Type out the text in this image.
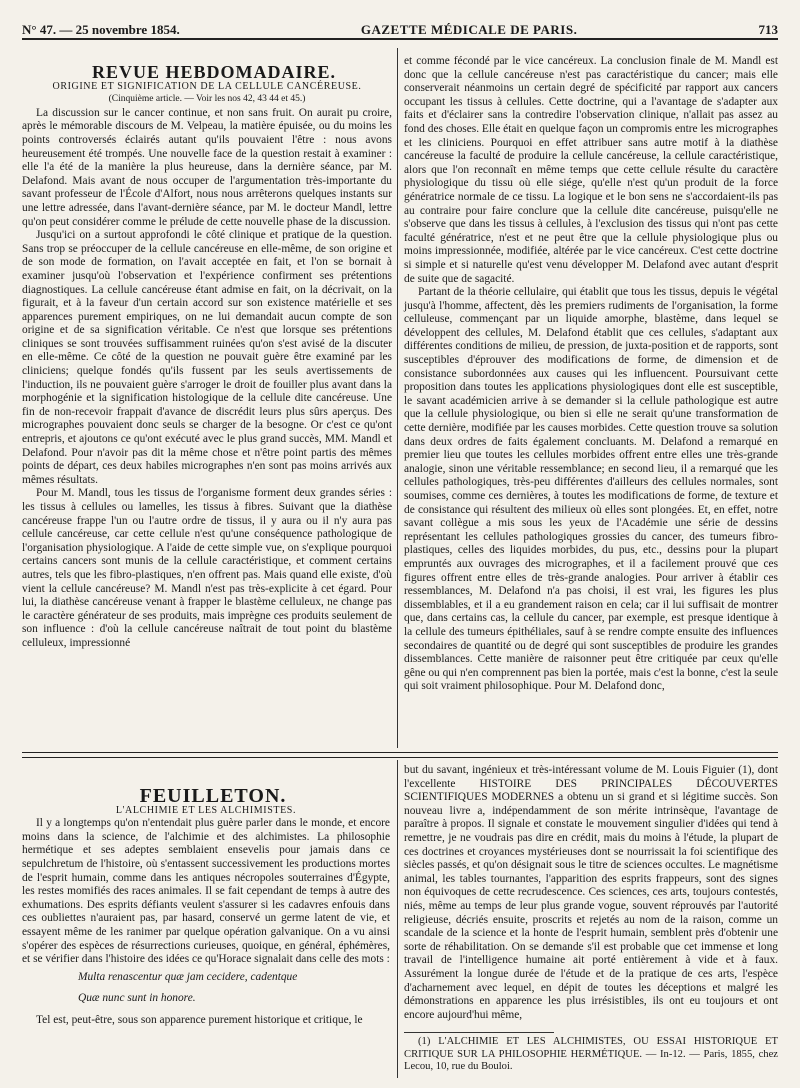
N° 47. — 25 novembre 1854.	GAZETTE MÉDICALE DE PARIS.	713

REVUE HEBDOMADAIRE.

ORIGINE ET SIGNIFICATION DE LA CELLULE CANCÉREUSE.

(Cinquième article. — Voir les nos 42, 43 44 et 45.)

La discussion sur le cancer continue, et non sans fruit. On aurait pu croire, après le mémorable discours de M. Velpeau, la matière épuisée, ou du moins les points controversés éclairés autant qu'ils pouvaient l'être : nous avons heureusement été trompés. Une nouvelle face de la question restait à examiner : elle l'a été de la manière la plus heureuse, dans la dernière séance, par M. Delafond. Mais avant de nous occuper de l'argumentation très-importante du savant professeur de l'École d'Alfort, nous nous arrêterons quelques instants sur une lettre adressée, dans l'avant-dernière séance, par M. le docteur Mandl, lettre qu'on peut considérer comme le prélude de cette nouvelle phase de la discussion.

Jusqu'ici on a surtout approfondi le côté clinique et pratique de la question. Sans trop se préoccuper de la cellule cancéreuse en elle-même, de son origine et de son mode de formation, on l'avait acceptée en fait, et l'on se bornait à examiner jusqu'où l'observation et l'expérience confirment ses prétentions diagnostiques. La cellule cancéreuse étant admise en fait, on la décrivait, on la figurait, et à la faveur d'un certain accord sur son existence matérielle et ses apparences purement empiriques, on ne lui demandait aucun compte de son origine et de sa signification véritable. Ce n'est que lorsque ses prétentions cliniques se sont trouvées suffisamment ruinées qu'on s'est avisé de la discuter en elle-même. Ce côté de la question ne pouvait guère être examiné par les cliniciens; quelque fondés qu'ils fussent par les seuls avertissements de l'induction, ils ne pouvaient guère s'arroger le droit de fouiller plus avant dans la morphogénie et la signification histologique de la cellule dite cancéreuse. Une fin de non-recevoir frappait d'avance de discrédit leurs plus sûrs aperçus. Des micrographes pouvaient donc seuls se charger de la besogne. Or c'est ce qu'ont entrepris, et ajoutons ce qu'ont exécuté avec le plus grand succès, MM. Mandl et Delafond. Pour n'avoir pas dit la même chose et n'être point partis des mêmes points de départ, ces deux habiles micrographes n'en sont pas moins arrivés aux mêmes résultats.

Pour M. Mandl, tous les tissus de l'organisme forment deux grandes séries : les tissus à cellules ou lamelles, les tissus à fibres. Suivant que la diathèse cancéreuse frappe l'un ou l'autre ordre de tissus, il y aura ou il n'y aura pas cellule cancéreuse, car cette cellule n'est qu'une conséquence pathologique de l'organisation physiologique. A l'aide de cette simple vue, on s'explique pourquoi certains cancers sont munis de la cellule caractéristique, et comment certains autres, tels que les fibro-plastiques, n'en offrent pas. Mais quand elle existe, d'où vient la cellule cancéreuse? M. Mandl n'est pas très-explicite à cet égard. Pour lui, la diathèse cancéreuse venant à frapper le blastème celluleux, ne change pas le caractère générateur de ses produits, mais imprègne ces produits seulement de son influence : d'où la cellule cancéreuse naîtrait de tout point du blastème celluleux, impressionné

et comme fécondé par le vice cancéreux. La conclusion finale de M. Mandl est donc que la cellule cancéreuse n'est pas caractéristique du cancer; mais elle conserverait néanmoins un certain degré de spécificité par rapport aux cancers occupant les tissus à cellules. Cette doctrine, qui a l'avantage de s'adapter aux faits et d'éclairer sans la contredire l'observation clinique, n'allait pas assez au fond des choses. Elle était en quelque façon un compromis entre les micrographes et les cliniciens. Pourquoi en effet attribuer sans autre motif à la diathèse cancéreuse la faculté de produire la cellule cancéreuse, la cellule caractéristique, alors que l'on reconnaît en même temps que cette cellule résulte du caractère physiologique du tissu où elle siége, qu'elle n'est qu'un produit de la force génératrice normale de ce tissu. La logique et le bon sens ne s'accordaient-ils pas au contraire pour faire conclure que la cellule dite cancéreuse, puisqu'elle ne s'observe que dans les tissus à cellules, à l'exclusion des tissus qui n'ont pas cette faculté génératrice, n'est et ne peut être que la cellule physiologique plus ou moins impressionnée, modifiée, altérée par le vice cancéreux. C'est cette doctrine si simple et si naturelle qu'est venu développer M. Delafond avec autant d'esprit de suite que de sagacité.

Partant de la théorie cellulaire, qui établit que tous les tissus, depuis le végétal jusqu'à l'homme, affectent, dès les premiers rudiments de l'organisation, la forme celluleuse, commençant par un liquide amorphe, blastème, dans lequel se développent des cellules, M. Delafond établit que ces cellules, s'adaptant aux différentes conditions de milieu, de pression, de juxta-position et de rapports, sont susceptibles d'éprouver des modifications de forme, de dimension et de consistance subordonnées aux causes qui les influencent. Poursuivant cette proposition dans toutes les applications physiologiques dont elle est susceptible, le savant académicien arrive à se demander si la cellule pathologique est autre que la cellule physiologique, ou bien si elle ne serait qu'une transformation de cette dernière, modifiée par les causes morbides. Cette question trouve sa solution dans deux ordres de faits également concluants. M. Delafond a remarqué en premier lieu que toutes les cellules morbides offrent entre elles une très-grande analogie, sinon une véritable ressemblance; en second lieu, il a remarqué que les cellules pathologiques, très-peu différentes d'ailleurs des cellules normales, sont soumises, comme ces dernières, à toutes les modifications de forme, de texture et de consistance qui résultent des milieux où elles sont plongées. Et, en effet, notre savant collègue a mis sous les yeux de l'Académie une série de dessins représentant les cellules pathologiques grossies du cancer, des tumeurs fibro-plastiques, celles des liquides morbides, du pus, etc., dessins pour la plupart empruntés aux ouvrages des micrographes, et il a facilement prouvé que ces figures offrent entre elles de très-grande analogies. Pour arriver à établir ces ressemblances, M. Delafond n'a pas choisi, il est vrai, les figures les plus dissemblables, et il a eu grandement raison en cela; car il lui suffisait de montrer que, dans certains cas, la cellule du cancer, par exemple, est presque identique à la cellule des tumeurs épithéliales, sauf à se rendre compte ensuite des influences secondaires de quantité ou de degré qui sont susceptibles de produire les grandes dissemblances. Cette manière de raisonner peut être critiquée par ceux qu'elle gêne ou qui n'en comprennent pas bien la portée, mais c'est la bonne, c'est la seule qui soit vraiment philosophique. Pour M. Delafond donc,

FEUILLETON.

L'ALCHIMIE ET LES ALCHIMISTES.

Il y a longtemps qu'on n'entendait plus guère parler dans le monde, et encore moins dans la science, de l'alchimie et des alchimistes. La philosophie hermétique et ses adeptes semblaient ensevelis pour jamais dans ce sepulchretum de l'histoire, où s'entassent successivement les productions mortes de l'esprit humain, comme dans les antiques nécropoles souterraines d'Égypte, les restes momifiés des races animales. Il se fait cependant de temps à autre des exhumations. Des esprits défiants veulent s'assurer si les cadavres enfouis dans ces oubliettes n'auraient pas, par hasard, conservé un germe latent de vie, et essayent même de les ranimer par quelque opération galvanique. On a vu ainsi s'opérer des espèces de résurrections curieuses, quoique, en général, éphémères, et se vérifier dans l'histoire des idées ce qu'Horace signalait dans celle des mots :

Multa renascentur quæ jam cecidere, cadentque

Quæ nunc sunt in honore.

Tel est, peut-être, sous son apparence purement historique et critique, le

but du savant, ingénieux et très-intéressant volume de M. Louis Figuier (1), dont l'excellente HISTOIRE DES PRINCIPALES DÉCOUVERTES SCIENTIFIQUES MODERNES a obtenu un si grand et si légitime succès. Son nouveau livre a, indépendamment de son mérite intrinsèque, l'avantage de paraître à propos. Il signale et constate le mouvement singulier d'idées qui tend à remettre, je ne voudrais pas dire en crédit, mais du moins à l'étude, la plupart de ces doctrines et croyances mystérieuses dont se nourrissait la foi scientifique des siècles passés, et qu'on désignait sous le titre de sciences occultes. Le magnétisme animal, les tables tournantes, l'apparition des esprits frappeurs, sont des signes non équivoques de cette recrudescence. Ces sciences, ces arts, toujours contestés, niés, même au temps de leur plus grande vogue, souvent réprouvés par l'autorité religieuse, décriés ensuite, proscrits et rejetés au nom de la raison, comme un scandale de la science et la honte de l'esprit humain, semblent près d'obtenir une sorte de réhabilitation. On se demande s'il est probable que cet immense et long travail de l'intelligence humaine ait porté entièrement à vide et à faux. Assurément la longue durée de l'étude et de la pratique de ces arts, l'espèce d'acharnement avec lequel, en dépit de toutes les déceptions et malgré les démonstrations en apparence les plus irrésistibles, ils ont eu toujours et ont encore aujourd'hui même,

(1) L'ALCHIMIE ET LES ALCHIMISTES, OU ESSAI HISTORIQUE ET CRITIQUE SUR LA PHILOSOPHIE HERMÉTIQUE. — In-12. — Paris, 1855, chez Lecou, 10, rue du Bouloi.
